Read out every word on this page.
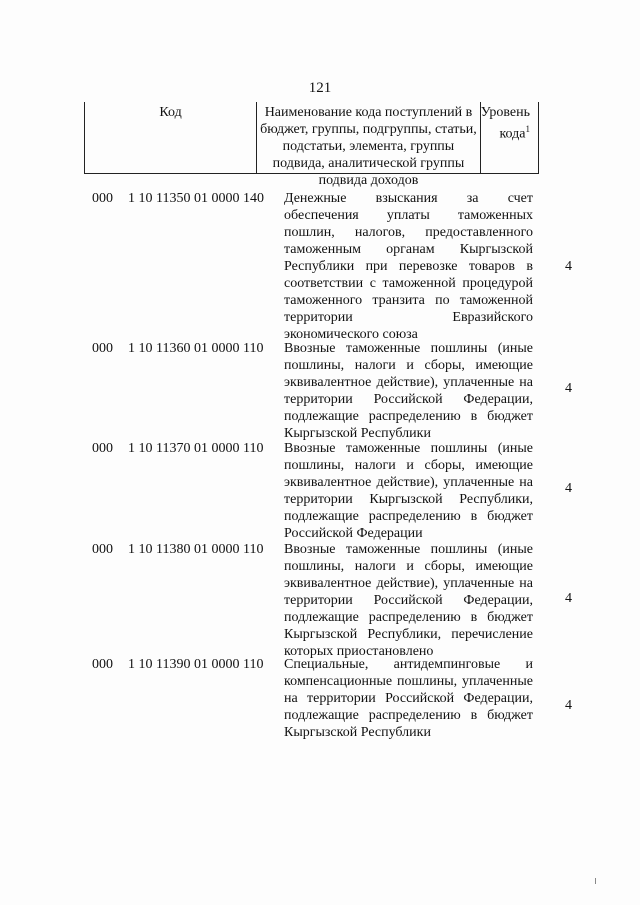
121
Код	Наименование кода поступлений в бюджет, группы, подгруппы, статьи, подстатьи, элемента, группы подвида, аналитической группы подвида доходов
Уровень кода$^1$
000 1 10 11350 01 0000 140 Денежные взыскания за счет обеспечения уплаты таможенных пошлин, налогов, предоставленного таможенным органам Кыргызской Республики при перевозке товаров в соответствии с таможенной процедурой таможенного транзита по таможенной территории Евразийского экономического союза
4
000 1 10 11360 01 0000 110 Ввозные таможенные пошлины (иные пошлины, налоги и сборы, имеющие эквивалентное действие), уплаченные на территории Российской Федерации, подлежащие распределению в бюджет Кыргызской Республики
4
000 1 10 11370 01 0000 110 Ввозные таможенные пошлины (иные пошлины, налоги и сборы, имеющие эквивалентное действие), уплаченные на территории Кыргызской Республики, подлежащие распределению в бюджет Российской Федерации
4
000 1 10 11380 01 0000 110 Ввозные таможенные пошлины (иные пошлины, налоги и сборы, имеющие эквивалентное действие), уплаченные на территории Российской Федерации, подлежащие распределению в бюджет Кыргызской Республики, перечисление которых приостановлено
4
000 1 10 11390 01 0000 110 Специальные, антидемпинговые и компенсационные пошлины, уплаченные на территории Российской Федерации, подлежащие распределению в бюджет Кыргызской Республики
4
